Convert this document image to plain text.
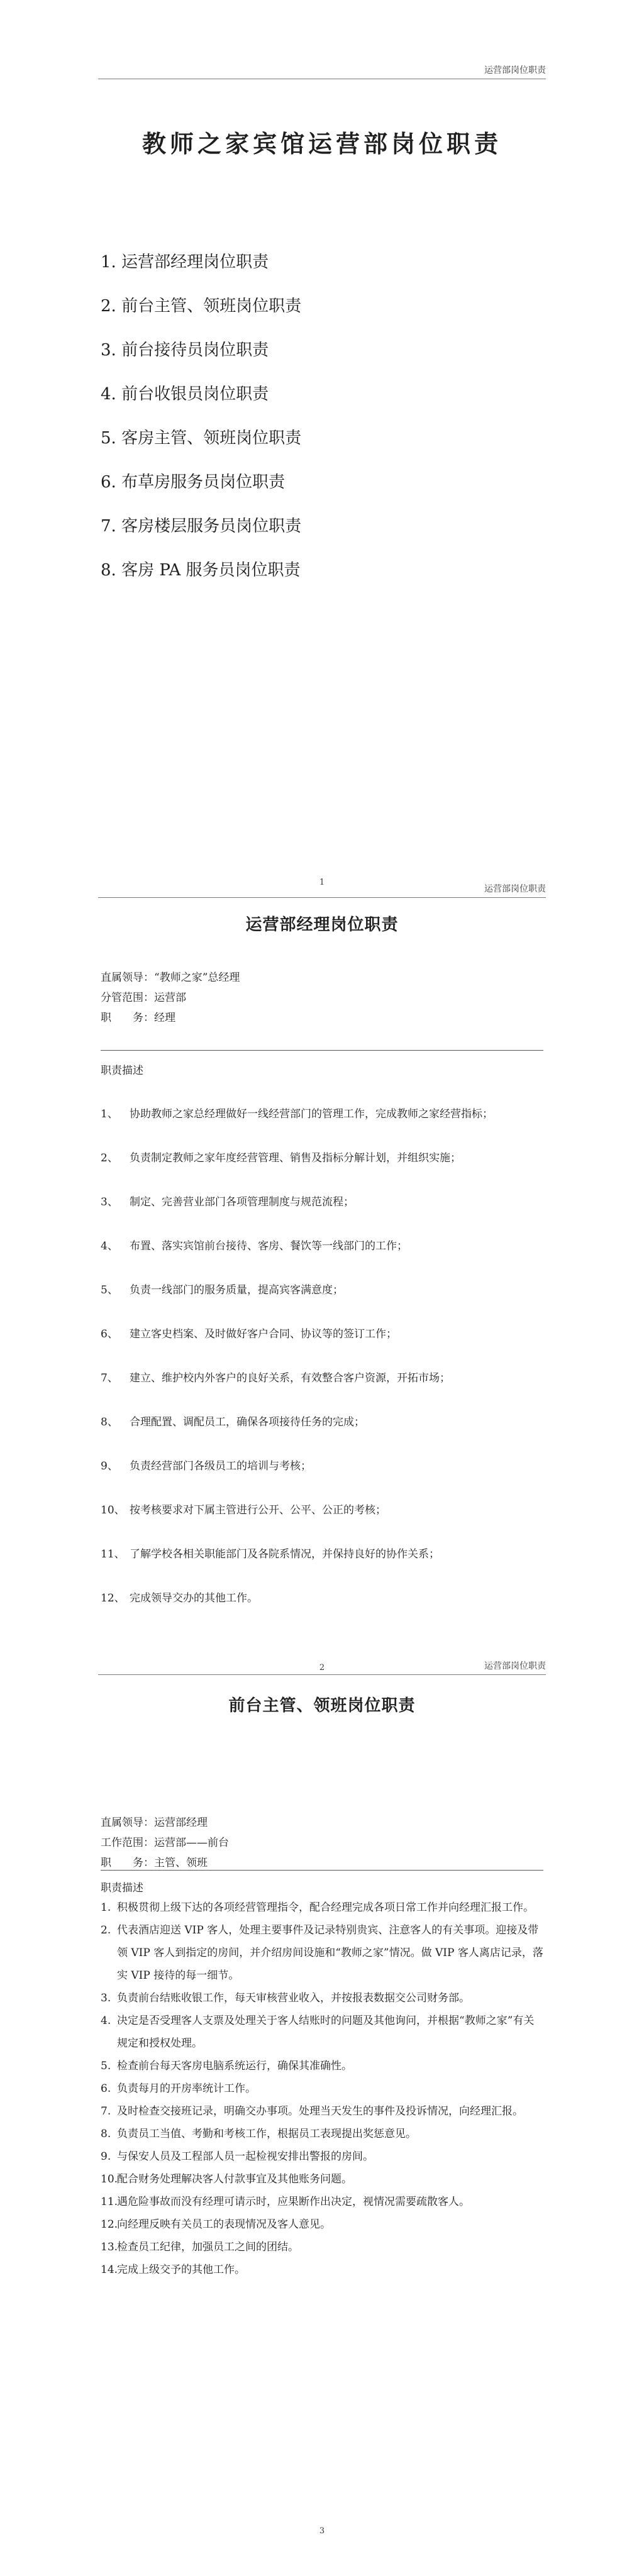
运营部岗位职责
教师之家宾馆运营部岗位职责
1. 运营部经理岗位职责
2. 前台主管、领班岗位职责
3. 前台接待员岗位职责
4. 前台收银员岗位职责
5. 客房主管、领班岗位职责
6. 布草房服务员岗位职责
7. 客房楼层服务员岗位职责
8. 客房 PA 服务员岗位职责
1
运营部岗位职责
运营部经理岗位职责
直属领导：“教师之家”总经理
分管范围：运营部
职　　务：经理
职责描述
1、 协助教师之家总经理做好一线经营部门的管理工作，完成教师之家经营指标；
2、 负责制定教师之家年度经营管理、销售及指标分解计划，并组织实施；
3、 制定、完善营业部门各项管理制度与规范流程；
4、 布置、落实宾馆前台接待、客房、餐饮等一线部门的工作；
5、 负责一线部门的服务质量，提高宾客满意度；
6、 建立客史档案、及时做好客户合同、协议等的签订工作；
7、 建立、维护校内外客户的良好关系，有效整合客户资源，开拓市场；
8、 合理配置、调配员工，确保各项接待任务的完成；
9、 负责经营部门各级员工的培训与考核；
10、 按考核要求对下属主管进行公开、公平、公正的考核；
11、 了解学校各相关职能部门及各院系情况，并保持良好的协作关系；
12、 完成领导交办的其他工作。
2	运营部岗位职责
前台主管、领班岗位职责
直属领导：运营部经理
工作范围：运营部——前台
职　　务：主管、领班
职责描述
1. 积极贯彻上级下达的各项经营管理指令，配合经理完成各项日常工作并向经理汇报工作。
2. 代表酒店迎送 VIP 客人，处理主要事件及记录特别贵宾、注意客人的有关事项。迎接及带领 VIP 客人到指定的房间，并介绍房间设施和“教师之家”情况。做 VIP 客人离店记录，落实 VIP 接待的每一细节。
3. 负责前台结账收银工作，每天审核营业收入，并按报表数据交公司财务部。
4. 决定是否受理客人支票及处理关于客人结账时的问题及其他询问，并根据“教师之家”有关规定和授权处理。
5. 检查前台每天客房电脑系统运行，确保其准确性。
6. 负责每月的开房率统计工作。
7. 及时检查交接班记录，明确交办事项。处理当天发生的事件及投诉情况，向经理汇报。
8. 负责员工当值、考勤和考核工作，根据员工表现提出奖惩意见。
9. 与保安人员及工程部人员一起检视安排出警报的房间。
10.
配合财务处理解决客人付款事宜及其他账务问题。
11.
遇危险事故而没有经理可请示时，应果断作出决定，视情况需要疏散客人。
12.
向经理反映有关员工的表现情况及客人意见。
13.
检查员工纪律，加强员工之间的团结。
14.
完成上级交予的其他工作。
3
